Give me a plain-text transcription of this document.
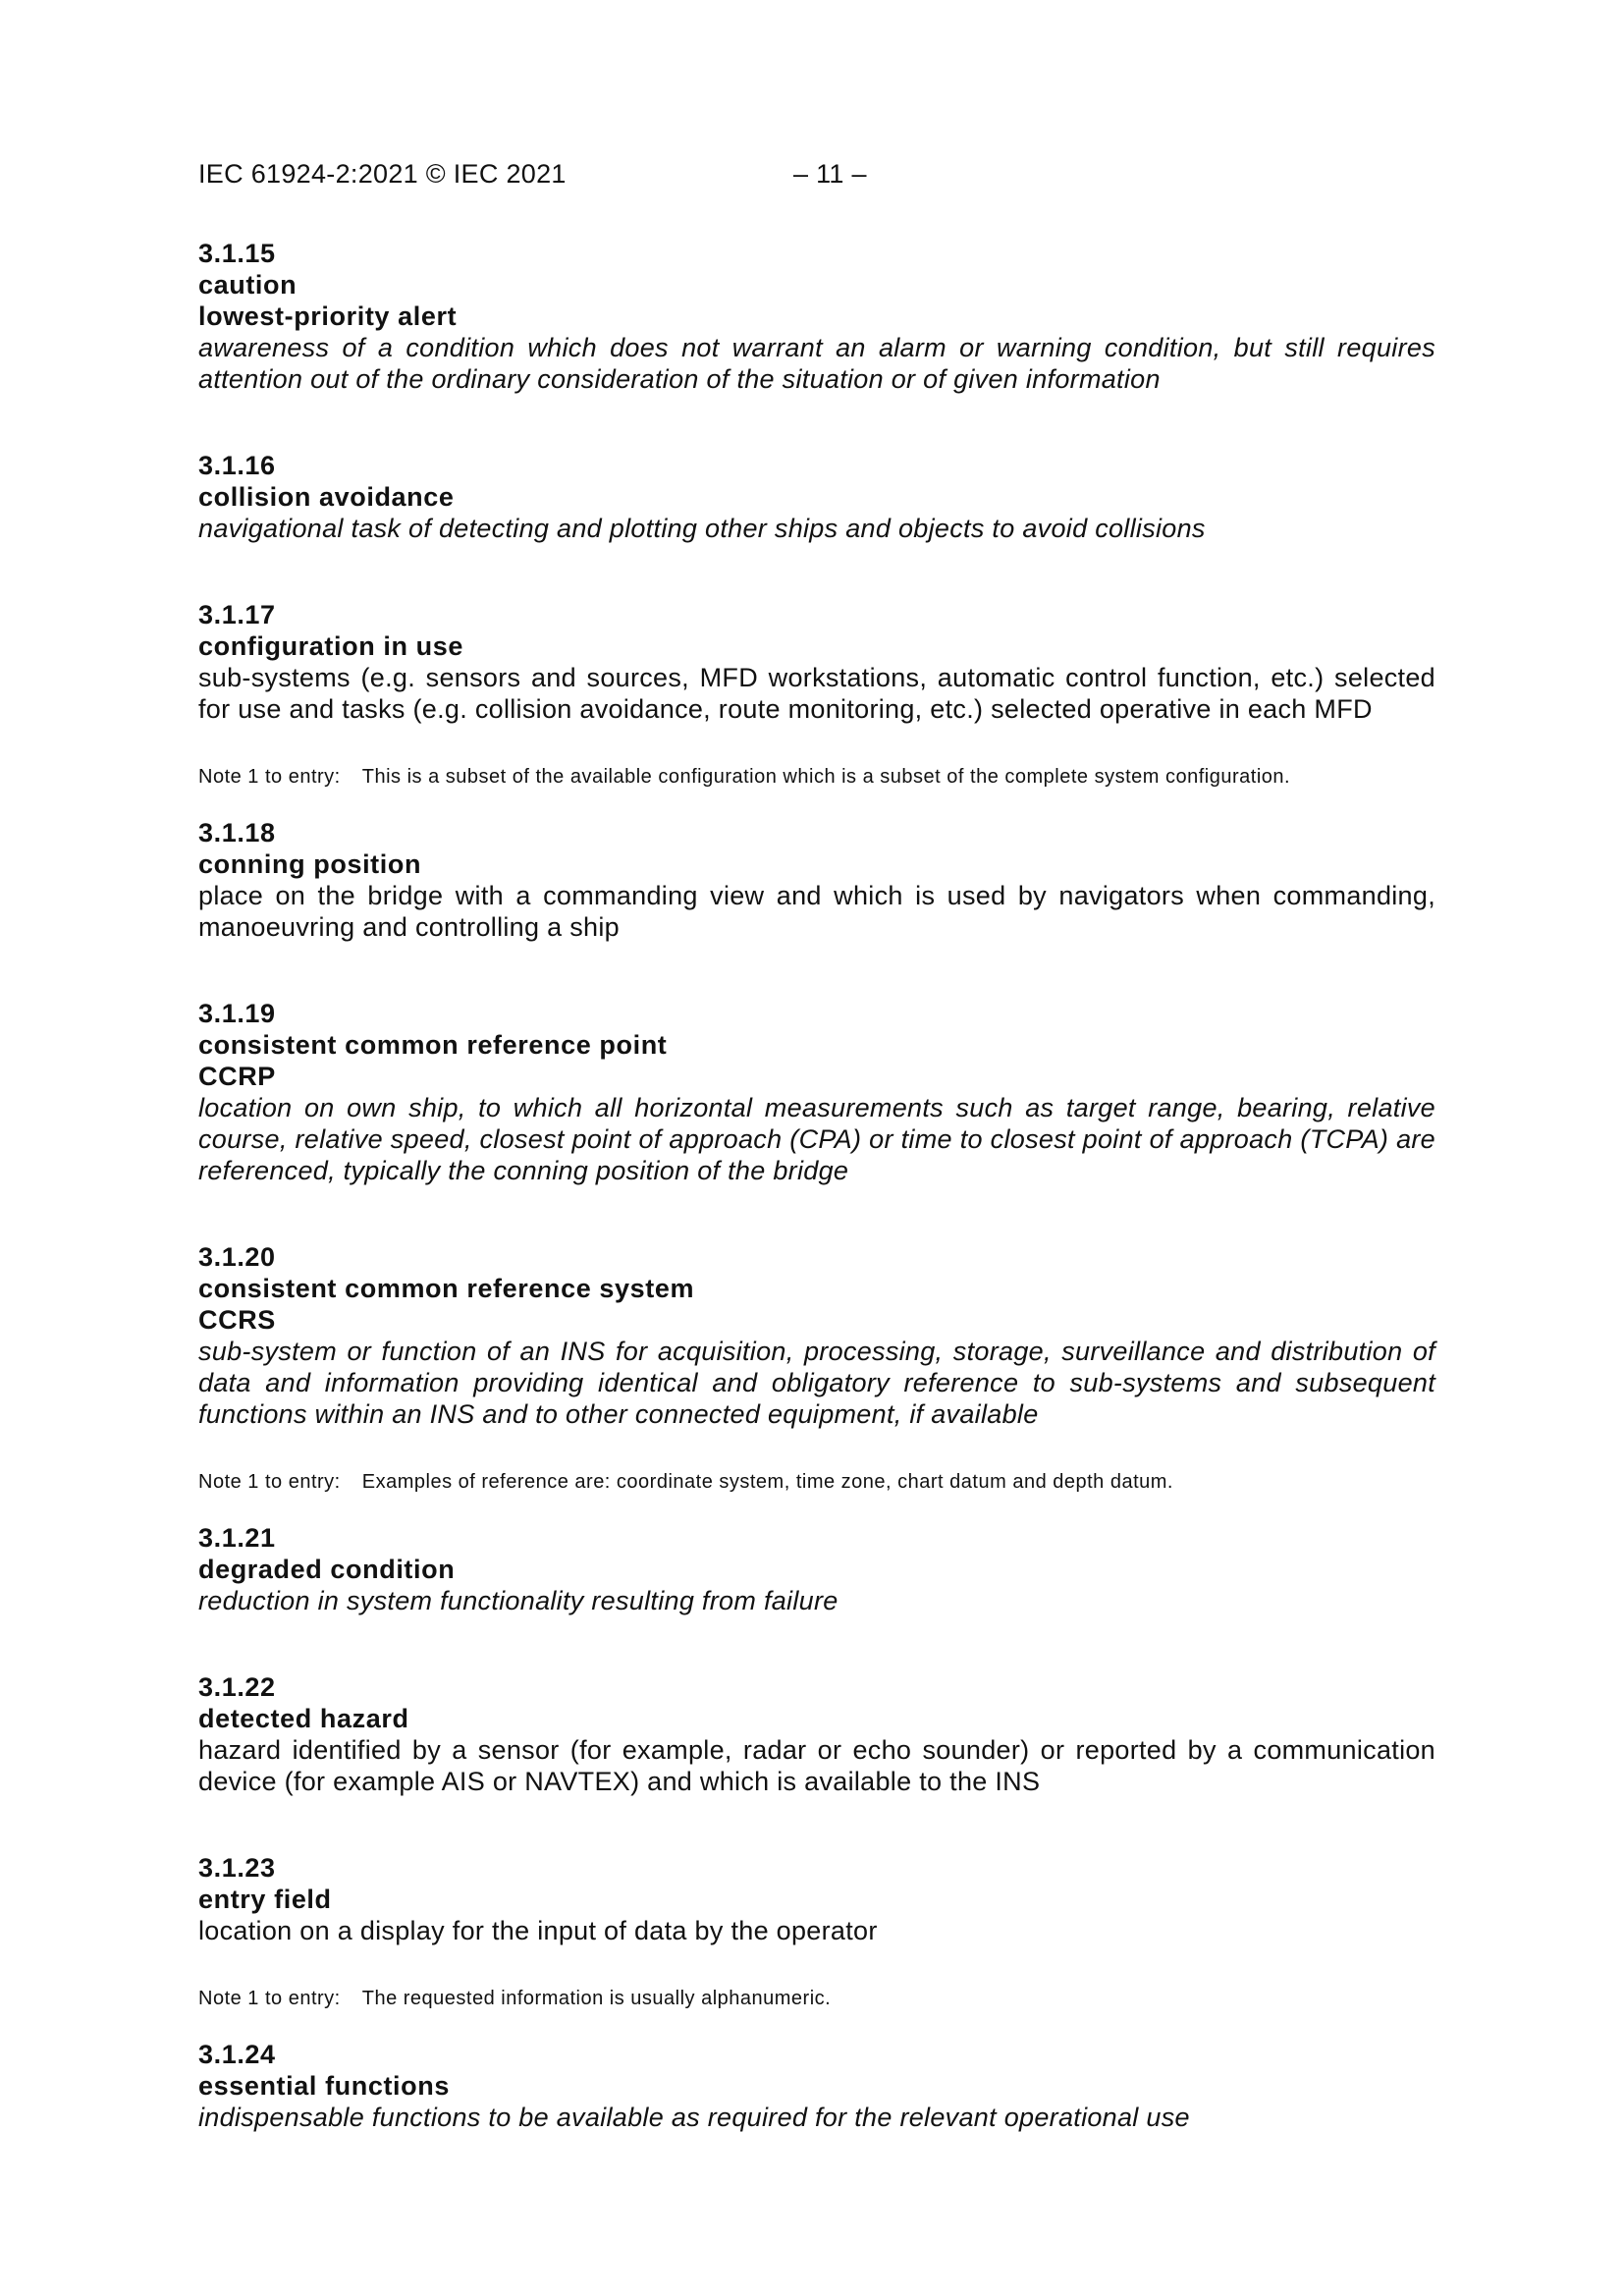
IEC 61924-2:2021 © IEC 2021	– 11 –
3.1.15
caution
lowest-priority alert
awareness of a condition which does not warrant an alarm or warning condition, but still requires attention out of the ordinary consideration of the situation or of given information
3.1.16
collision avoidance
navigational task of detecting and plotting other ships and objects to avoid collisions
3.1.17
configuration in use
sub-systems (e.g. sensors and sources, MFD workstations, automatic control function, etc.) selected for use and tasks (e.g. collision avoidance, route monitoring, etc.) selected operative in each MFD
Note 1 to entry: This is a subset of the available configuration which is a subset of the complete system configuration.
3.1.18
conning position
place on the bridge with a commanding view and which is used by navigators when commanding, manoeuvring and controlling a ship
3.1.19
consistent common reference point
CCRP
location on own ship, to which all horizontal measurements such as target range, bearing, relative course, relative speed, closest point of approach (CPA) or time to closest point of approach (TCPA) are referenced, typically the conning position of the bridge
3.1.20
consistent common reference system
CCRS
sub-system or function of an INS for acquisition, processing, storage, surveillance and distribution of data and information providing identical and obligatory reference to sub-systems and subsequent functions within an INS and to other connected equipment, if available
Note 1 to entry: Examples of reference are: coordinate system, time zone, chart datum and depth datum.
3.1.21
degraded condition
reduction in system functionality resulting from failure
3.1.22
detected hazard
hazard identified by a sensor (for example, radar or echo sounder) or reported by a communication device (for example AIS or NAVTEX) and which is available to the INS
3.1.23
entry field
location on a display for the input of data by the operator
Note 1 to entry: The requested information is usually alphanumeric.
3.1.24
essential functions
indispensable functions to be available as required for the relevant operational use
